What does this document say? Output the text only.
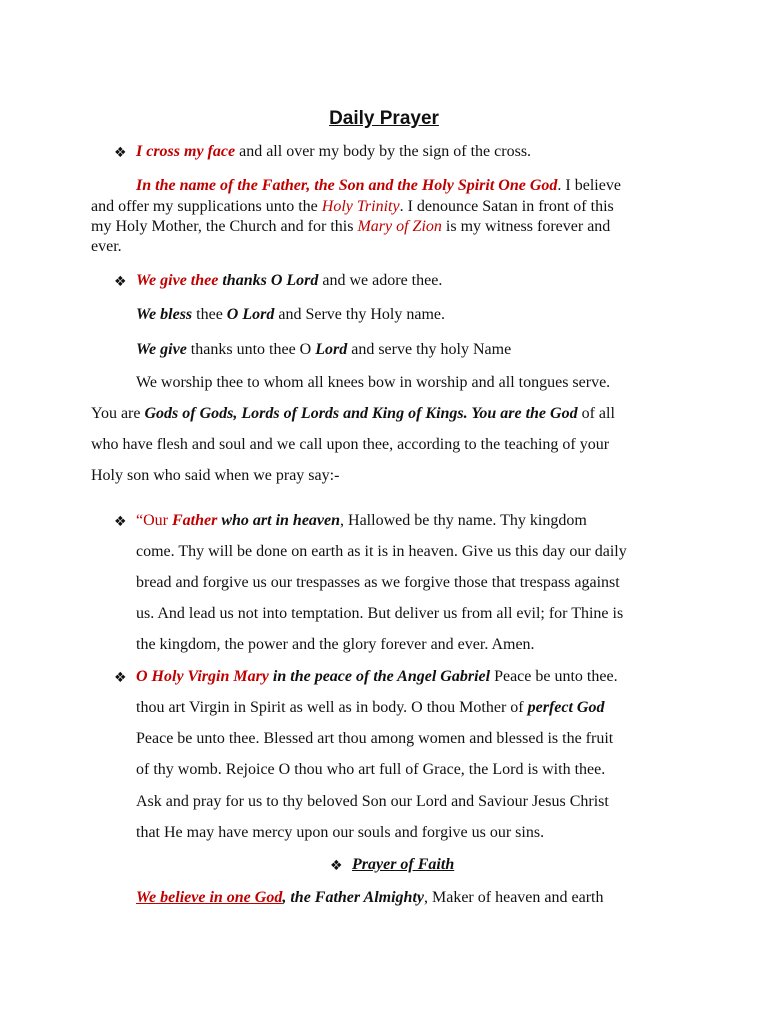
Daily Prayer
❖
❖
❖
❖
❖
I cross my face and all over my body by the sign of the cross.
In the name of the Father, the Son and the Holy Spirit One God. I believe
and offer my supplications unto the Holy Trinity. I denounce Satan in front of this
my Holy Mother, the Church and for this Mary of Zion is my witness forever and
ever.
We give thee thanks O Lord and we adore thee.
We bless thee O Lord and Serve thy Holy name.
We give thanks unto thee O Lord and serve thy holy Name
We worship thee to whom all knees bow in worship and all tongues serve.
You are Gods of Gods, Lords of Lords and King of Kings. You are the God of all
who have flesh and soul and we call upon thee, according to the teaching of your
Holy son who said when we pray say:-
“Our Father who art in heaven, Hallowed be thy name. Thy kingdom
come. Thy will be done on earth as it is in heaven. Give us this day our daily
bread and forgive us our trespasses as we forgive those that trespass against
us. And lead us not into temptation. But deliver us from all evil; for Thine is
the kingdom, the power and the glory forever and ever. Amen.
O Holy Virgin Mary in the peace of the Angel Gabriel Peace be unto thee.
thou art Virgin in Spirit as well as in body. O thou Mother of perfect God
Peace be unto thee. Blessed art thou among women and blessed is the fruit
of thy womb. Rejoice O thou who art full of Grace, the Lord is with thee.
Ask and pray for us to thy beloved Son our Lord and Saviour Jesus Christ
that He may have mercy upon our souls and forgive us our sins.
Prayer of Faith
We believe in one God, the Father Almighty, Maker of heaven and earth
